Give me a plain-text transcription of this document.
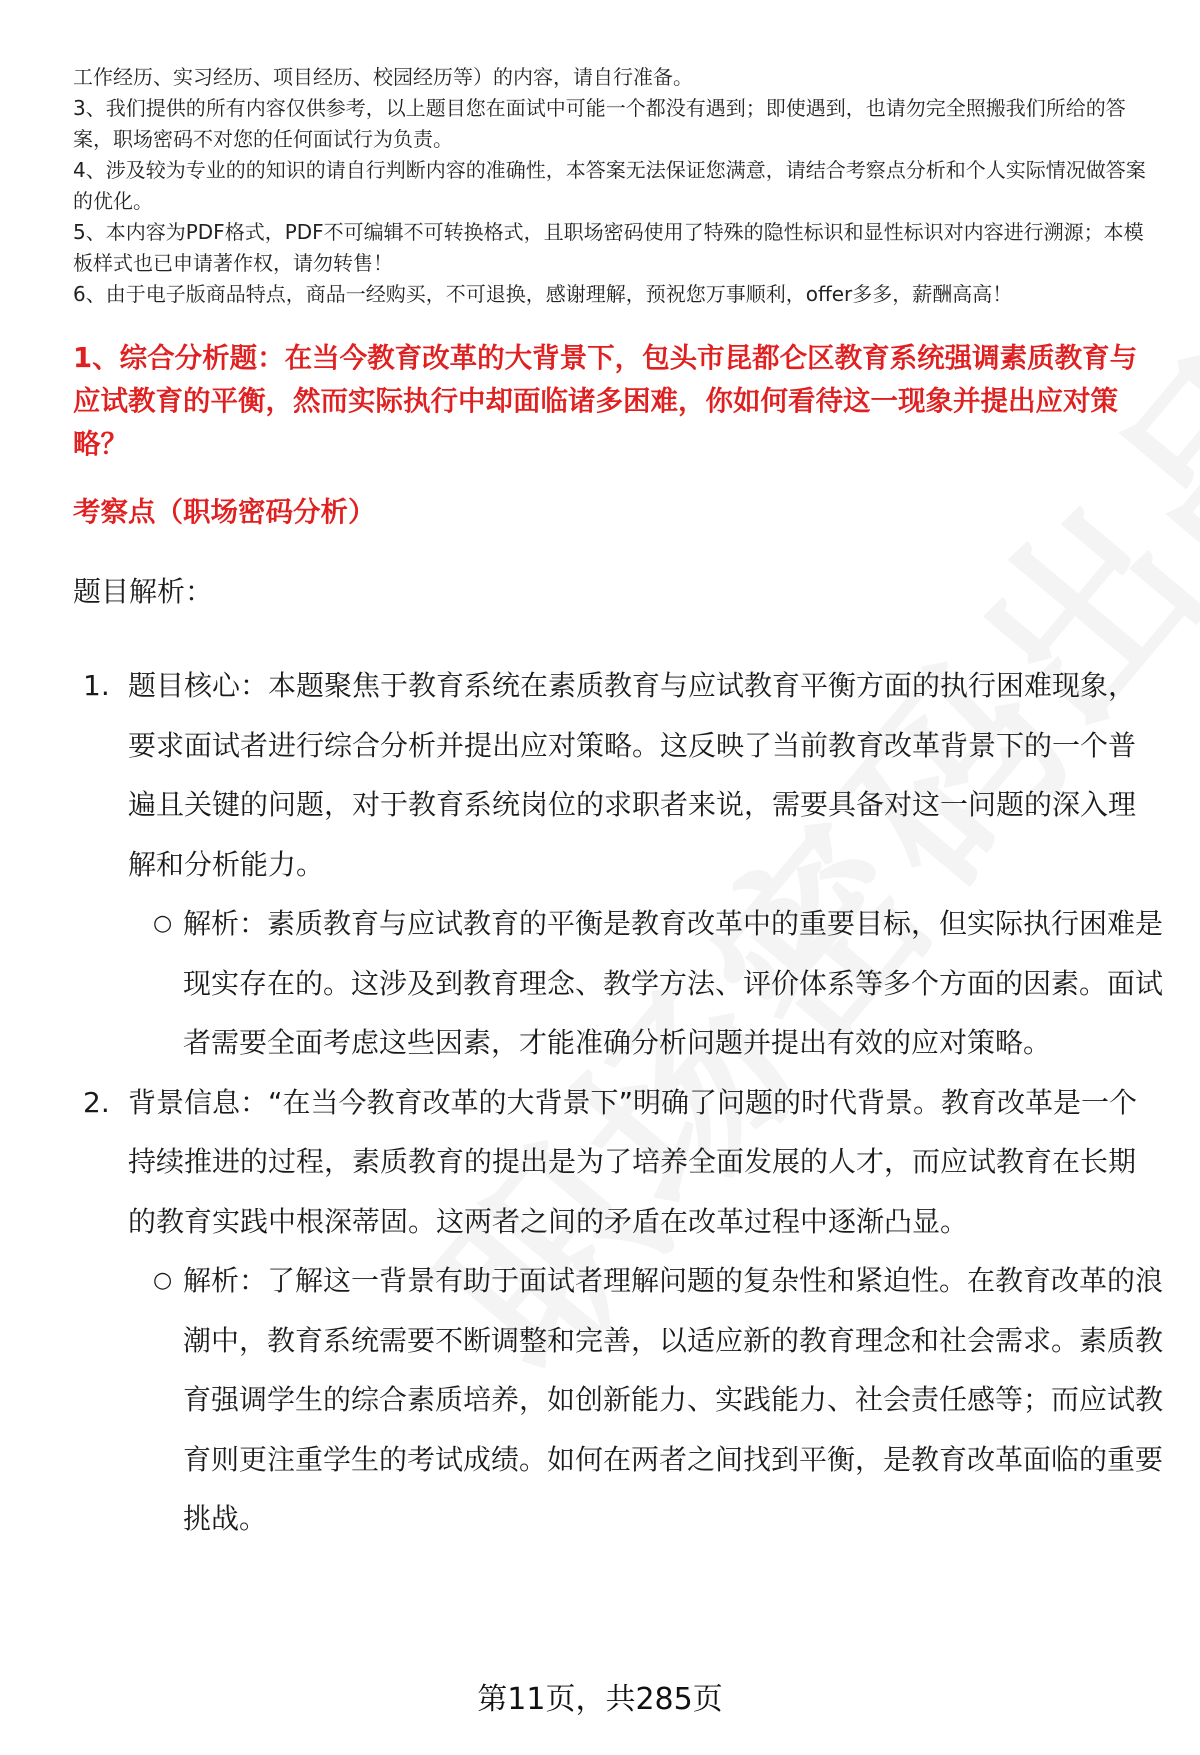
工作经历、实习经历、项目经历、校园经历等）的内容，请自行准备。

3、我们提供的所有内容仅供参考，以上题目您在面试中可能一个都没有遇到；即使遇到，也请勿完全照搬我们所给的答案，职场密码不对您的任何面试行为负责。

4、涉及较为专业的的知识的请自行判断内容的准确性，本答案无法保证您满意，请结合考察点分析和个人实际情况做答案的优化。

5、本内容为PDF格式，PDF不可编辑不可转换格式，且职场密码使用了特殊的隐性标识和显性标识对内容进行溯源；本模板样式也已申请著作权，请勿转售！

6、由于电子版商品特点，商品一经购买，不可退换，感谢理解，预祝您万事顺利，offer多多，薪酬高高！

1、综合分析题：在当今教育改革的大背景下，包头市昆都仑区教育系统强调素质教育与应试教育的平衡，然而实际执行中却面临诸多困难，你如何看待这一现象并提出应对策略？
考察点（职场密码分析）
题目解析：
1. 题目核心：本题聚焦于教育系统在素质教育与应试教育平衡方面的执行困难现象，要求面试者进行综合分析并提出应对策略。这反映了当前教育改革背景下的一个普遍且关键的问题，对于教育系统岗位的求职者来说，需要具备对这一问题的深入理解和分析能力。
○ 解析：素质教育与应试教育的平衡是教育改革中的重要目标，但实际执行困难是现实存在的。这涉及到教育理念、教学方法、评价体系等多个方面的因素。面试者需要全面考虑这些因素，才能准确分析问题并提出有效的应对策略。
2. 背景信息：“在当今教育改革的大背景下”明确了问题的时代背景。教育改革是一个持续推进的过程，素质教育的提出是为了培养全面发展的人才，而应试教育在长期的教育实践中根深蒂固。这两者之间的矛盾在改革过程中逐渐凸显。
○ 解析：了解这一背景有助于面试者理解问题的复杂性和紧迫性。在教育改革的浪潮中，教育系统需要不断调整和完善，以适应新的教育理念和社会需求。素质教育强调学生的综合素质培养，如创新能力、实践能力、社会责任感等；而应试教育则更注重学生的考试成绩。如何在两者之间找到平衡，是教育改革面临的重要挑战。
第11页，共285页
